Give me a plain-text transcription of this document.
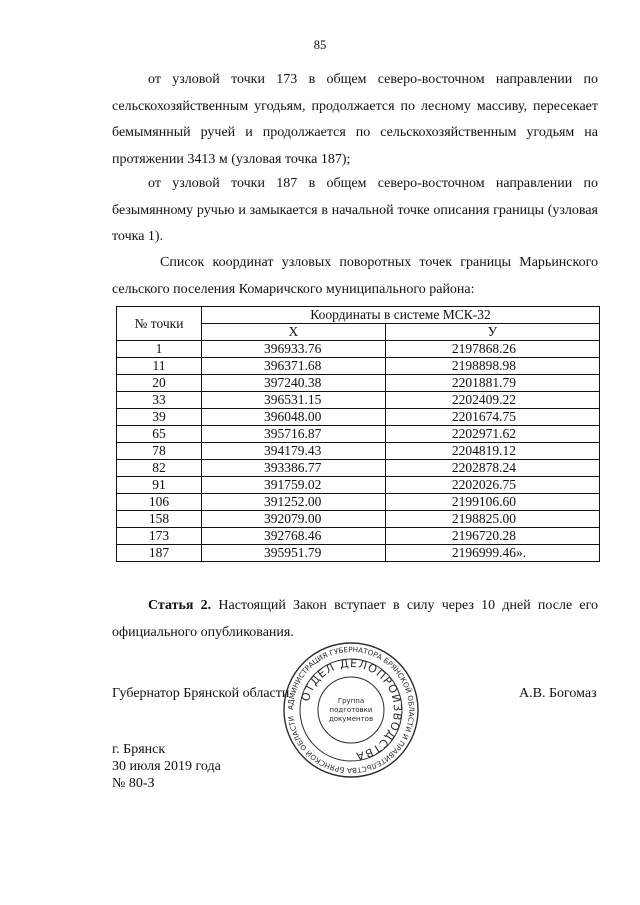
85
от узловой точки 173 в общем северо-восточном направлении по сельскохозяйственным угодьям, продолжается по лесному массиву, пересекает бемымянный ручей и продолжается по сельскохозяйственным угодьям на протяжении 3413 м (узловая точка 187);
от узловой точки 187 в общем северо-восточном направлении по безымянному ручью и замыкается в начальной точке описания границы (узловая точка 1).
Список координат узловых поворотных точек границы Марьинского сельского поселения Комаричского муниципального района:
№ точки	Координаты в системе МСК-32	
	X	У
1	396933.76	2197868.26
11	396371.68	2198898.98
20	397240.38	2201881.79
33	396531.15	2202409.22
39	396048.00	2201674.75
65	395716.87	2202971.62
78	394179.43	2204819.12
82	393386.77	2202878.24
91	391759.02	2202026.75
106	391252.00	2199106.60
158	392079.00	2198825.00
173	392768.46	2196720.28
187	395951.79	2196999.46».
Статья 2. Настоящий Закон вступает в силу через 10 дней после его официального опубликования.
Губернатор Брянской области	А.В. Богомаз
г. Брянск
30 июля 2019 года
№ 80-З
АДМИНИСТРАЦИЯ ГУБЕРНАТОРА БРЯНСКОЙ ОБЛАСТИ И ПРАВИТЕЛЬСТВА БРЯНСКОЙ ОБЛАСТИ
ОТДЕЛ ДЕЛОПРОИЗВОДСТВА
Группа
подготовки
документов
